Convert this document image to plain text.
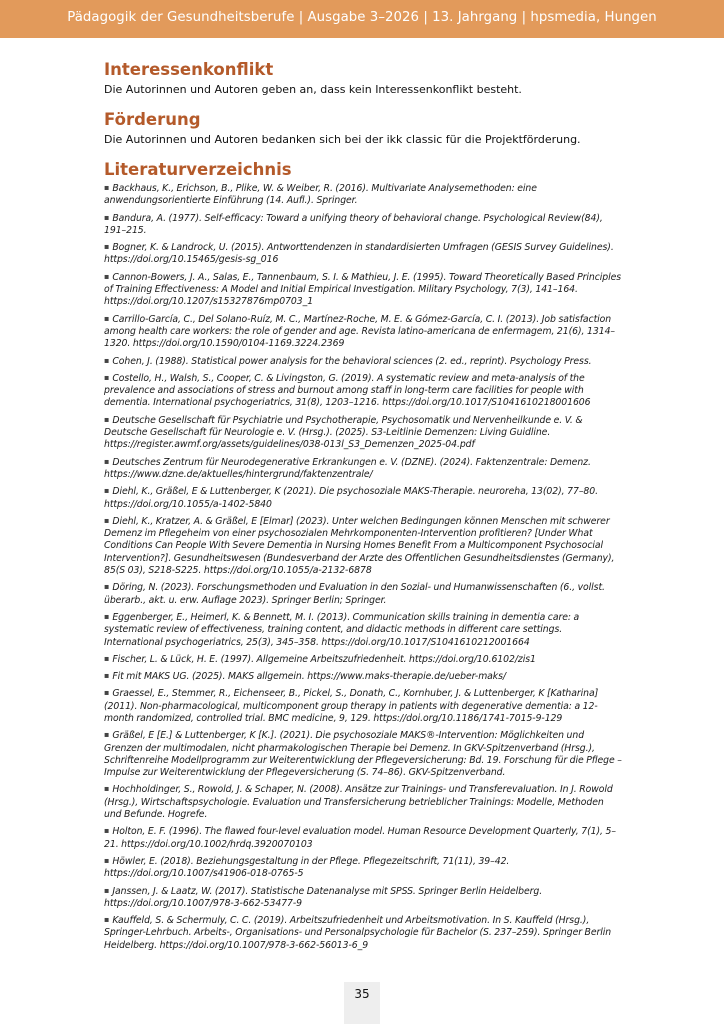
Pädagogik der Gesundheitsberufe | Ausgabe 3–2026 | 13. Jahrgang | hpsmedia, Hungen
Interessenkonflikt

Die Autorinnen und Autoren geben an, dass kein Interessenkonflikt besteht.

Förderung

Die Autorinnen und Autoren bedanken sich bei der ikk classic für die Projektförderung.

Literaturverzeichnis

▪ Backhaus, K., Erichson, B., Plike, W. & Weiber, R. (2016). Multivariate Analysemethoden: eine anwendungsorientierte Einführung (14. Aufl.). Springer.

▪ Bandura, A. (1977). Self-efficacy: Toward a unifying theory of behavioral change. Psychological Review(84), 191–215.

▪ Bogner, K. & Landrock, U. (2015). Antworttendenzen in standardisierten Umfragen (GESIS Survey Guidelines). https://doi.org/10.15465/gesis-sg_016

▪ Cannon-Bowers, J. A., Salas, E., Tannenbaum, S. I. & Mathieu, J. E. (1995). Toward Theoretically Based Principles of Training Effectiveness: A Model and Initial Empirical Investigation. Military Psychology, 7(3), 141–164. https://doi.org/10.1207/s15327876mp0703_1

▪ Carrillo-García, C., Del Solano-Ruíz, M. C., Martínez-Roche, M. E. & Gómez-García, C. I. (2013). Job satisfaction among health care workers: the role of gender and age. Revista latino-americana de enfermagem, 21(6), 1314–1320. https://doi.org/10.1590/0104-1169.3224.2369

▪ Cohen, J. (1988). Statistical power analysis for the behavioral sciences (2. ed., reprint). Psychology Press.

▪ Costello, H., Walsh, S., Cooper, C. & Livingston, G. (2019). A systematic review and meta-analysis of the prevalence and associations of stress and burnout among staff in long-term care facilities for people with dementia. International psychogeriatrics, 31(8), 1203–1216. https://doi.org/10.1017/S1041610218001606

▪ Deutsche Gesellschaft für Psychiatrie und Psychotherapie, Psychosomatik und Nervenheilkunde e. V. & Deutsche Gesellschaft für Neurologie e. V. (Hrsg.). (2025). S3-Leitlinie Demenzen: Living Guidline. https://register.awmf.org/assets/guidelines/038-013l_S3_Demenzen_2025-04.pdf

▪ Deutsches Zentrum für Neurodegenerative Erkrankungen e. V. (DZNE). (2024). Faktenzentrale: Demenz. https://www.dzne.de/aktuelles/hintergrund/faktenzentrale/

▪ Diehl, K., Gräßel, E & Luttenberger, K (2021). Die psychosoziale MAKS-Therapie. neuroreha, 13(02), 77–80. https://doi.org/10.1055/a-1402-5840

▪ Diehl, K., Kratzer, A. & Gräßel, E [Elmar] (2023). Unter welchen Bedingungen können Menschen mit schwerer Demenz im Pflegeheim von einer psychosozialen Mehrkomponenten-Intervention profitieren? [Under What Conditions Can People With Severe Dementia in Nursing Homes Benefit From a Multicomponent Psychosocial Intervention?]. Gesundheitswesen (Bundesverband der Arzte des Offentlichen Gesundheitsdienstes (Germany), 85(S 03), S218-S225. https://doi.org/10.1055/a-2132-6878

▪ Döring, N. (2023). Forschungsmethoden und Evaluation in den Sozial- und Humanwissenschaften (6., vollst. überarb., akt. u. erw. Auflage 2023). Springer Berlin; Springer.

▪ Eggenberger, E., Heimerl, K. & Bennett, M. I. (2013). Communication skills training in dementia care: a systematic review of effectiveness, training content, and didactic methods in different care settings. International psychogeriatrics, 25(3), 345–358. https://doi.org/10.1017/S1041610212001664

▪ Fischer, L. & Lück, H. E. (1997). Allgemeine Arbeitszufriedenheit. https://doi.org/10.6102/zis1

▪ Fit mit MAKS UG. (2025). MAKS allgemein. https://www.maks-therapie.de/ueber-maks/

▪ Graessel, E., Stemmer, R., Eichenseer, B., Pickel, S., Donath, C., Kornhuber, J. & Luttenberger, K [Katharina] (2011). Non-pharmacological, multicomponent group therapy in patients with degenerative dementia: a 12-month randomized, controlled trial. BMC medicine, 9, 129. https://doi.org/10.1186/1741-7015-9-129

▪ Gräßel, E [E.] & Luttenberger, K [K.]. (2021). Die psychosoziale MAKS®-Intervention: Möglichkeiten und Grenzen der multimodalen, nicht pharmakologischen Therapie bei Demenz. In GKV-Spitzenverband (Hrsg.), Schriftenreihe Modellprogramm zur Weiterentwicklung der Pflegeversicherung: Bd. 19. Forschung für die Pflege – Impulse zur Weiterentwicklung der Pflegeversicherung (S. 74–86). GKV-Spitzenverband.

▪ Hochholdinger, S., Rowold, J. & Schaper, N. (2008). Ansätze zur Trainings- und Transferevaluation. In J. Rowold (Hrsg.), Wirtschaftspsychologie. Evaluation und Transfersicherung betrieblicher Trainings: Modelle, Methoden und Befunde. Hogrefe.

▪ Holton, E. F. (1996). The flawed four-level evaluation model. Human Resource Development Quarterly, 7(1), 5–21. https://doi.org/10.1002/hrdq.3920070103

▪ Höwler, E. (2018). Beziehungsgestaltung in der Pflege. Pflegezeitschrift, 71(11), 39–42. https://doi.org/10.1007/s41906-018-0765-5

▪ Janssen, J. & Laatz, W. (2017). Statistische Datenanalyse mit SPSS. Springer Berlin Heidelberg. https://doi.org/10.1007/978-3-662-53477-9

▪ Kauffeld, S. & Schermuly, C. C. (2019). Arbeitszufriedenheit und Arbeitsmotivation. In S. Kauffeld (Hrsg.), Springer-Lehrbuch. Arbeits-, Organisations- und Personalpsychologie für Bachelor (S. 237–259). Springer Berlin Heidelberg. https://doi.org/10.1007/978-3-662-56013-6_9

35
